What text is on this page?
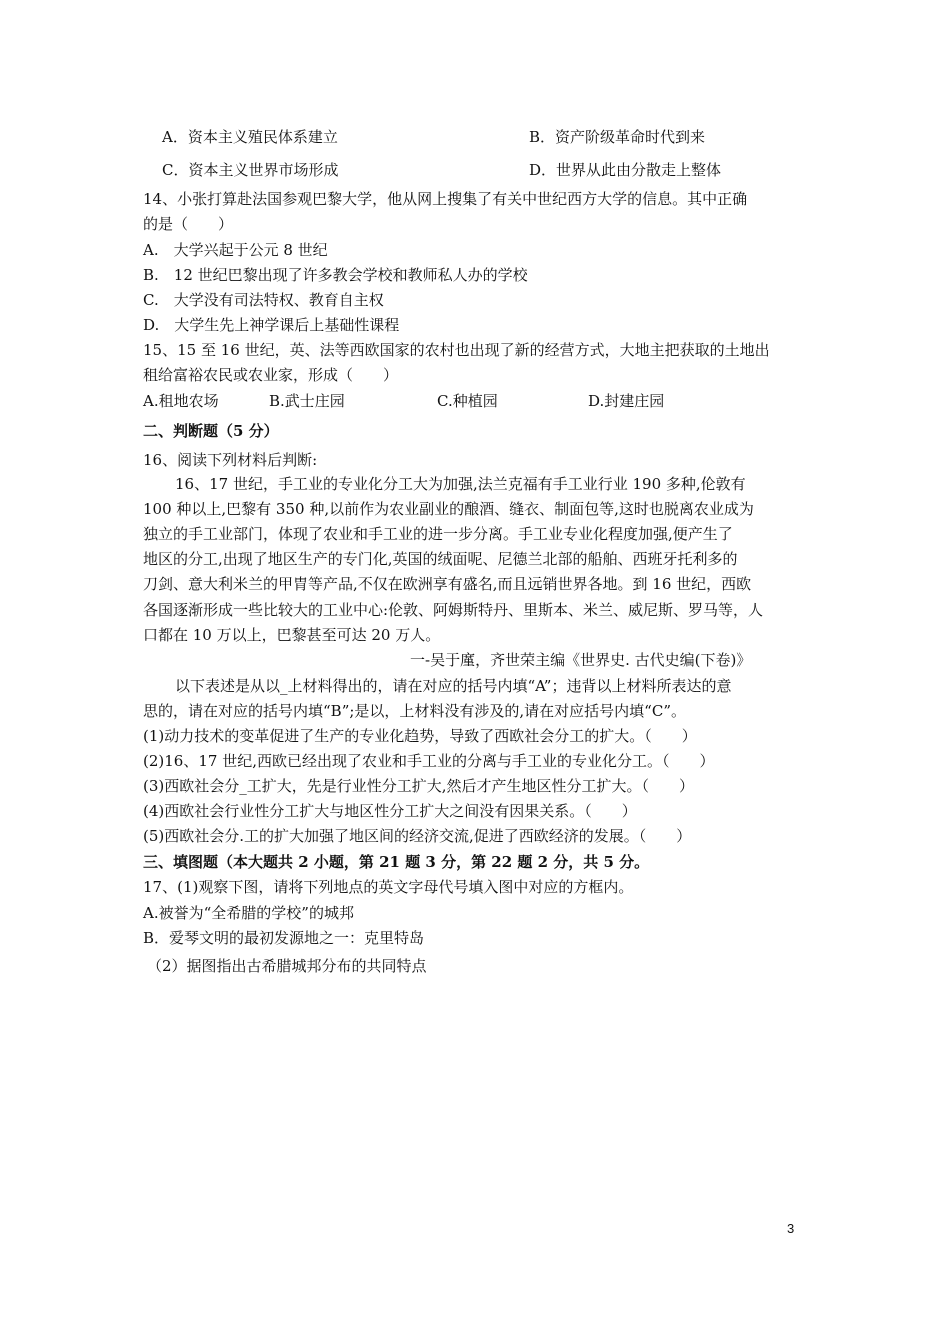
A．资本主义殖民体系建立	B．资产阶级革命时代到来
C．资本主义世界市场形成	D．世界从此由分散走上整体
14、小张打算赴法国参观巴黎大学，他从网上搜集了有关中世纪西方大学的信息。其中正确
的是（　　）
A.　大学兴起于公元 8 世纪
B.　12 世纪巴黎出现了许多教会学校和教师私人办的学校
C.　大学没有司法特权、教育自主权
D.　大学生先上神学课后上基础性课程
15、15 至 16 世纪，英、法等西欧国家的农村也出现了新的经营方式，大地主把获取的土地出
租给富裕农民或农业家，形成（　　）
A.租地农场	B.武士庄园	C.种植园	D.封建庄园
二、判断题（5 分）
16、阅读下列材料后判断:
16、17 世纪，手工业的专业化分工大为加强,法兰克福有手工业行业 190 多种,伦敦有
100 种以上,巴黎有 350 种,以前作为农业副业的酿酒、缝衣、制面包等,这时也脱离农业成为
独立的手工业部门，体现了农业和手工业的进一步分离。手工业专业化程度加强,便产生了
地区的分工,出现了地区生产的专门化,英国的绒面呢、尼德兰北部的船舶、西班牙托利多的
刀剑、意大利米兰的甲胄等产品,不仅在欧洲享有盛名,而且远销世界各地。到 16 世纪，西欧
各国逐渐形成一些比较大的工业中心:伦敦、阿姆斯特丹、里斯本、米兰、威尼斯、罗马等，人
口都在 10 万以上，巴黎甚至可达 20 万人。
一-吴于廑，齐世荣主编《世界史. 古代史编(下卷)》
以下表述是从以_上材料得出的，请在对应的括号内填“A”；违背以上材料所表达的意
思的，请在对应的括号内填“B”;是以，上材料没有涉及的,请在对应括号内填“C”。
(1)动力技术的变革促进了生产的专业化趋势，导致了西欧社会分工的扩大。（　　）
(2)16、17 世纪,西欧已经出现了农业和手工业的分离与手工业的专业化分工。（　　）
(3)西欧社会分_工扩大，先是行业性分工扩大,然后才产生地区性分工扩大。（　　）
(4)西欧社会行业性分工扩大与地区性分工扩大之间没有因果关系。（　　）
(5)西欧社会分.工的扩大加强了地区间的经济交流,促进了西欧经济的发展。（　　）
三、填图题（本大题共 2 小题，第 21 题 3 分，第 22 题 2 分，共 5 分。
17、(1)观察下图，请将下列地点的英文字母代号填入图中对应的方框内。
A.被誉为“全希腊的学校”的城邦
B．爱琴文明的最初发源地之一：克里特岛
（2）据图指出古希腊城邦分布的共同特点
3
